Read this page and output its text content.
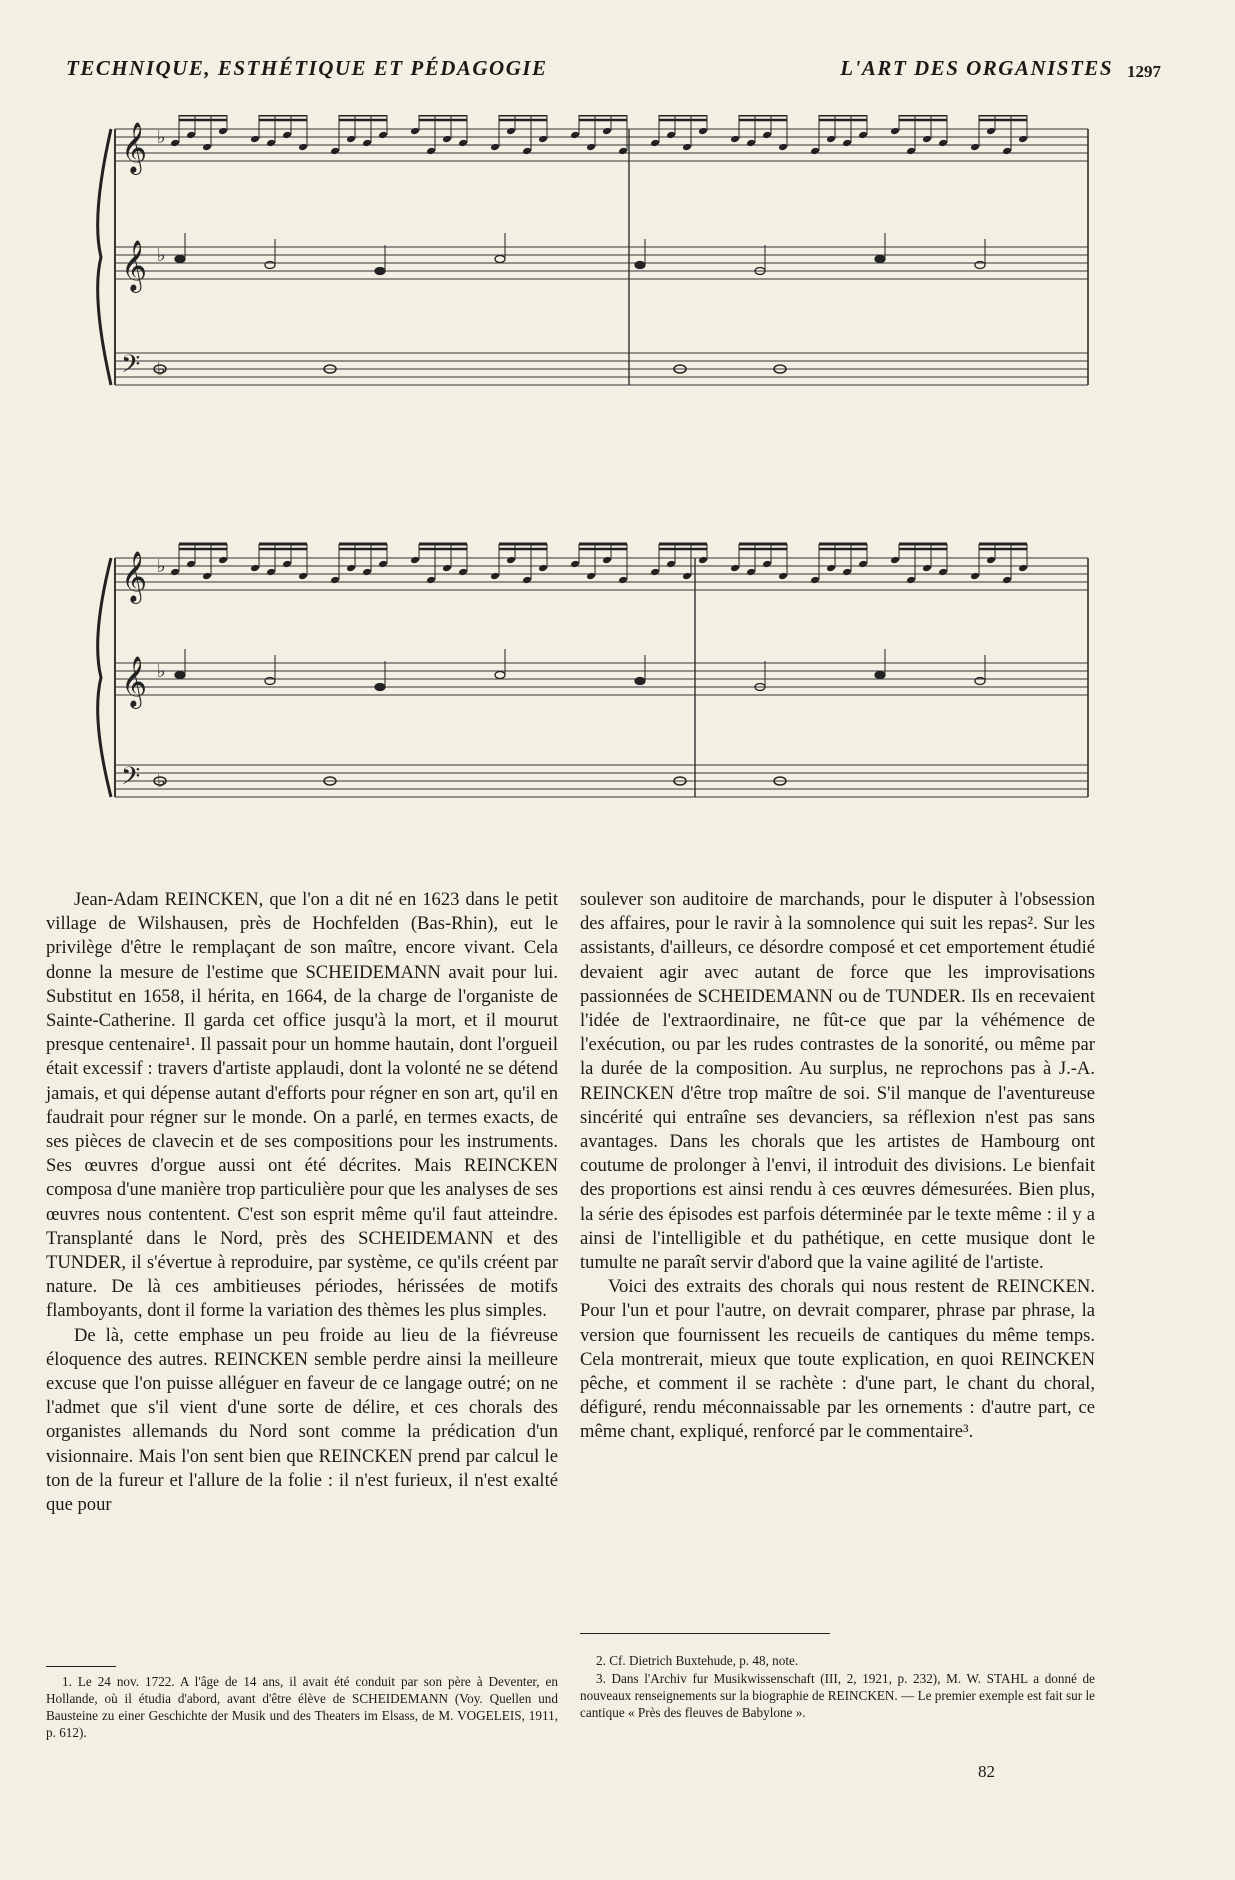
TECHNIQUE, ESTHÉTIQUE ET PÉDAGOGIE	L'ART DES ORGANISTES 1297
𝄞 ♭
𝄞 ♭
𝄢 ♭
𝄞 ♭
𝄞 ♭
𝄢 ♭

Jean-Adam REINCKEN, que l'on a dit né en 1623 dans le petit village de Wilshausen, près de Hochfelden (Bas-Rhin), eut le privilège d'être le remplaçant de son maître, encore vivant. Cela donne la mesure de l'estime que SCHEIDEMANN avait pour lui. Substitut en 1658, il hérita, en 1664, de la charge de l'organiste de Sainte-Catherine. Il garda cet office jusqu'à la mort, et il mourut presque centenaire¹. Il passait pour un homme hautain, dont l'orgueil était excessif : travers d'artiste applaudi, dont la volonté ne se détend jamais, et qui dépense autant d'efforts pour régner en son art, qu'il en faudrait pour régner sur le monde. On a parlé, en termes exacts, de ses pièces de clavecin et de ses compositions pour les instruments. Ses œuvres d'orgue aussi ont été décrites. Mais REINCKEN composa d'une manière trop particulière pour que les analyses de ses œuvres nous contentent. C'est son esprit même qu'il faut atteindre. Transplanté dans le Nord, près des SCHEIDEMANN et des TUNDER, il s'évertue à reproduire, par système, ce qu'ils créent par nature. De là ces ambitieuses périodes, hérissées de motifs flamboyants, dont il forme la variation des thèmes les plus simples.

De là, cette emphase un peu froide au lieu de la fiévreuse éloquence des autres. REINCKEN semble perdre ainsi la meilleure excuse que l'on puisse alléguer en faveur de ce langage outré; on ne l'admet que s'il vient d'une sorte de délire, et ces chorals des organistes allemands du Nord sont comme la prédication d'un visionnaire. Mais l'on sent bien que REINCKEN prend par calcul le ton de la fureur et l'allure de la folie : il n'est furieux, il n'est exalté que pour

soulever son auditoire de marchands, pour le disputer à l'obsession des affaires, pour le ravir à la somnolence qui suit les repas². Sur les assistants, d'ailleurs, ce désordre composé et cet emportement étudié devaient agir avec autant de force que les improvisations passionnées de SCHEIDEMANN ou de TUNDER. Ils en recevaient l'idée de l'extraordinaire, ne fût-ce que par la véhémence de l'exécution, ou par les rudes contrastes de la sonorité, ou même par la durée de la composition. Au surplus, ne reprochons pas à J.-A. REINCKEN d'être trop maître de soi. S'il manque de l'aventureuse sincérité qui entraîne ses devanciers, sa réflexion n'est pas sans avantages. Dans les chorals que les artistes de Hambourg ont coutume de prolonger à l'envi, il introduit des divisions. Le bienfait des proportions est ainsi rendu à ces œuvres démesurées. Bien plus, la série des épisodes est parfois déterminée par le texte même : il y a ainsi de l'intelligible et du pathétique, en cette musique dont le tumulte ne paraît servir d'abord que la vaine agilité de l'artiste.

Voici des extraits des chorals qui nous restent de REINCKEN. Pour l'un et pour l'autre, on devrait comparer, phrase par phrase, la version que fournissent les recueils de cantiques du même temps. Cela montrerait, mieux que toute explication, en quoi REINCKEN pêche, et comment il se rachète : d'une part, le chant du choral, défiguré, rendu méconnaissable par les ornements : d'autre part, ce même chant, expliqué, renforcé par le commentaire³.

1. Le 24 nov. 1722. A l'âge de 14 ans, il avait été conduit par son père à Deventer, en Hollande, où il étudia d'abord, avant d'être élève de SCHEIDEMANN (Voy. Quellen und Bausteine zu einer Geschichte der Musik und des Theaters im Elsass, de M. VOGELEIS, 1911, p. 612).

2. Cf. Dietrich Buxtehude, p. 48, note.

3. Dans l'Archiv fur Musikwissenschaft (III, 2, 1921, p. 232), M. W. STAHL a donné de nouveaux renseignements sur la biographie de REINCKEN. — Le premier exemple est fait sur le cantique « Près des fleuves de Babylone ».

82
